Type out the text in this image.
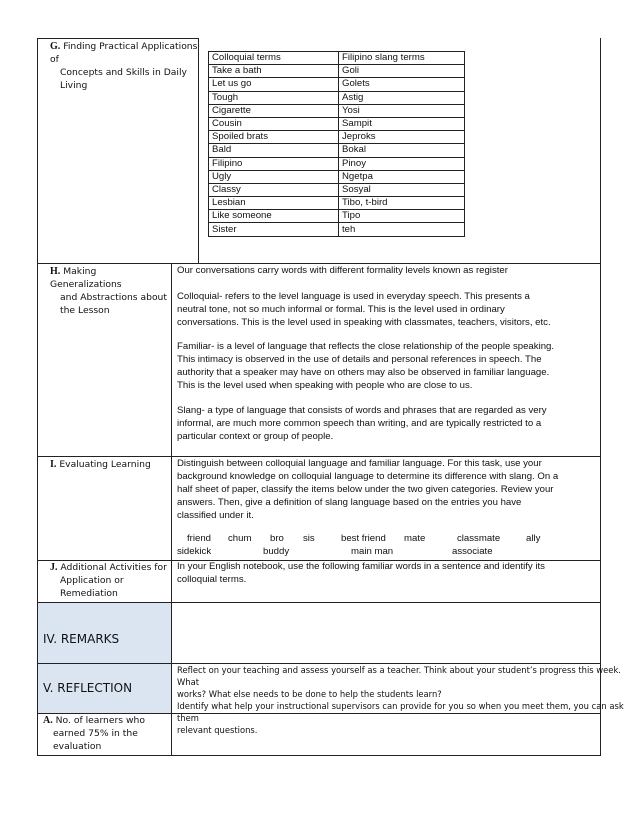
G. Finding Practical Applications of
Concepts and Skills in Daily
Living
Colloquial terms	Filipino slang terms
Take a bath	Goli
Let us go	Golets
Tough	Astig
Cigarette	Yosi
Cousin	Sampit
Spoiled brats	Jeproks
Bald	Bokal
Filipino	Pinoy
Ugly	Ngetpa
Classy	Sosyal
Lesbian	Tibo, t-bird
Like someone	Tipo
Sister	teh
H. Making Generalizations
and Abstractions about
the Lesson
Our conversations carry words with different formality levels known as register
Colloquial- refers to the level language is used in everyday speech. This presents a
neutral tone, not so much informal or formal. This is the level used in ordinary
conversations. This is the level used in speaking with classmates, teachers, visitors, etc.
Familiar- is a level of language that reflects the close relationship of the people speaking.
This intimacy is observed in the use of details and personal references in speech. The
authority that a speaker may have on others may also be observed in familiar language.
This is the level used when speaking with people who are close to us.
Slang- a type of language that consists of words and phrases that are regarded as very
informal, are much more common speech than writing, and are typically restricted to a
particular context or group of people.
I. Evaluating Learning	Distinguish between colloquial language and familiar language. For this task, use your
background knowledge on colloquial language to determine its difference with slang. On a
half sheet of paper, classify the items below under the two given categories. Review your
answers. Then, give a definition of slang language based on the entries you have
classified under it.
friend chum bro sis	best friend mate	classmate	ally
sidekick	buddy	main man	associate
J. Additional Activities for
Application or
Remediation
In your English notebook, use the following familiar words in a sentence and identify its
colloquial terms.
IV. REMARKS
V. REFLECTION
Reflect on your teaching and assess yourself as a teacher. Think about your student’s progress this week. What
works? What else needs to be done to help the students learn?
Identify what help your instructional supervisors can provide for you so when you meet them, you can ask them
relevant questions.
A. No. of learners who
earned 75% in the
evaluation
